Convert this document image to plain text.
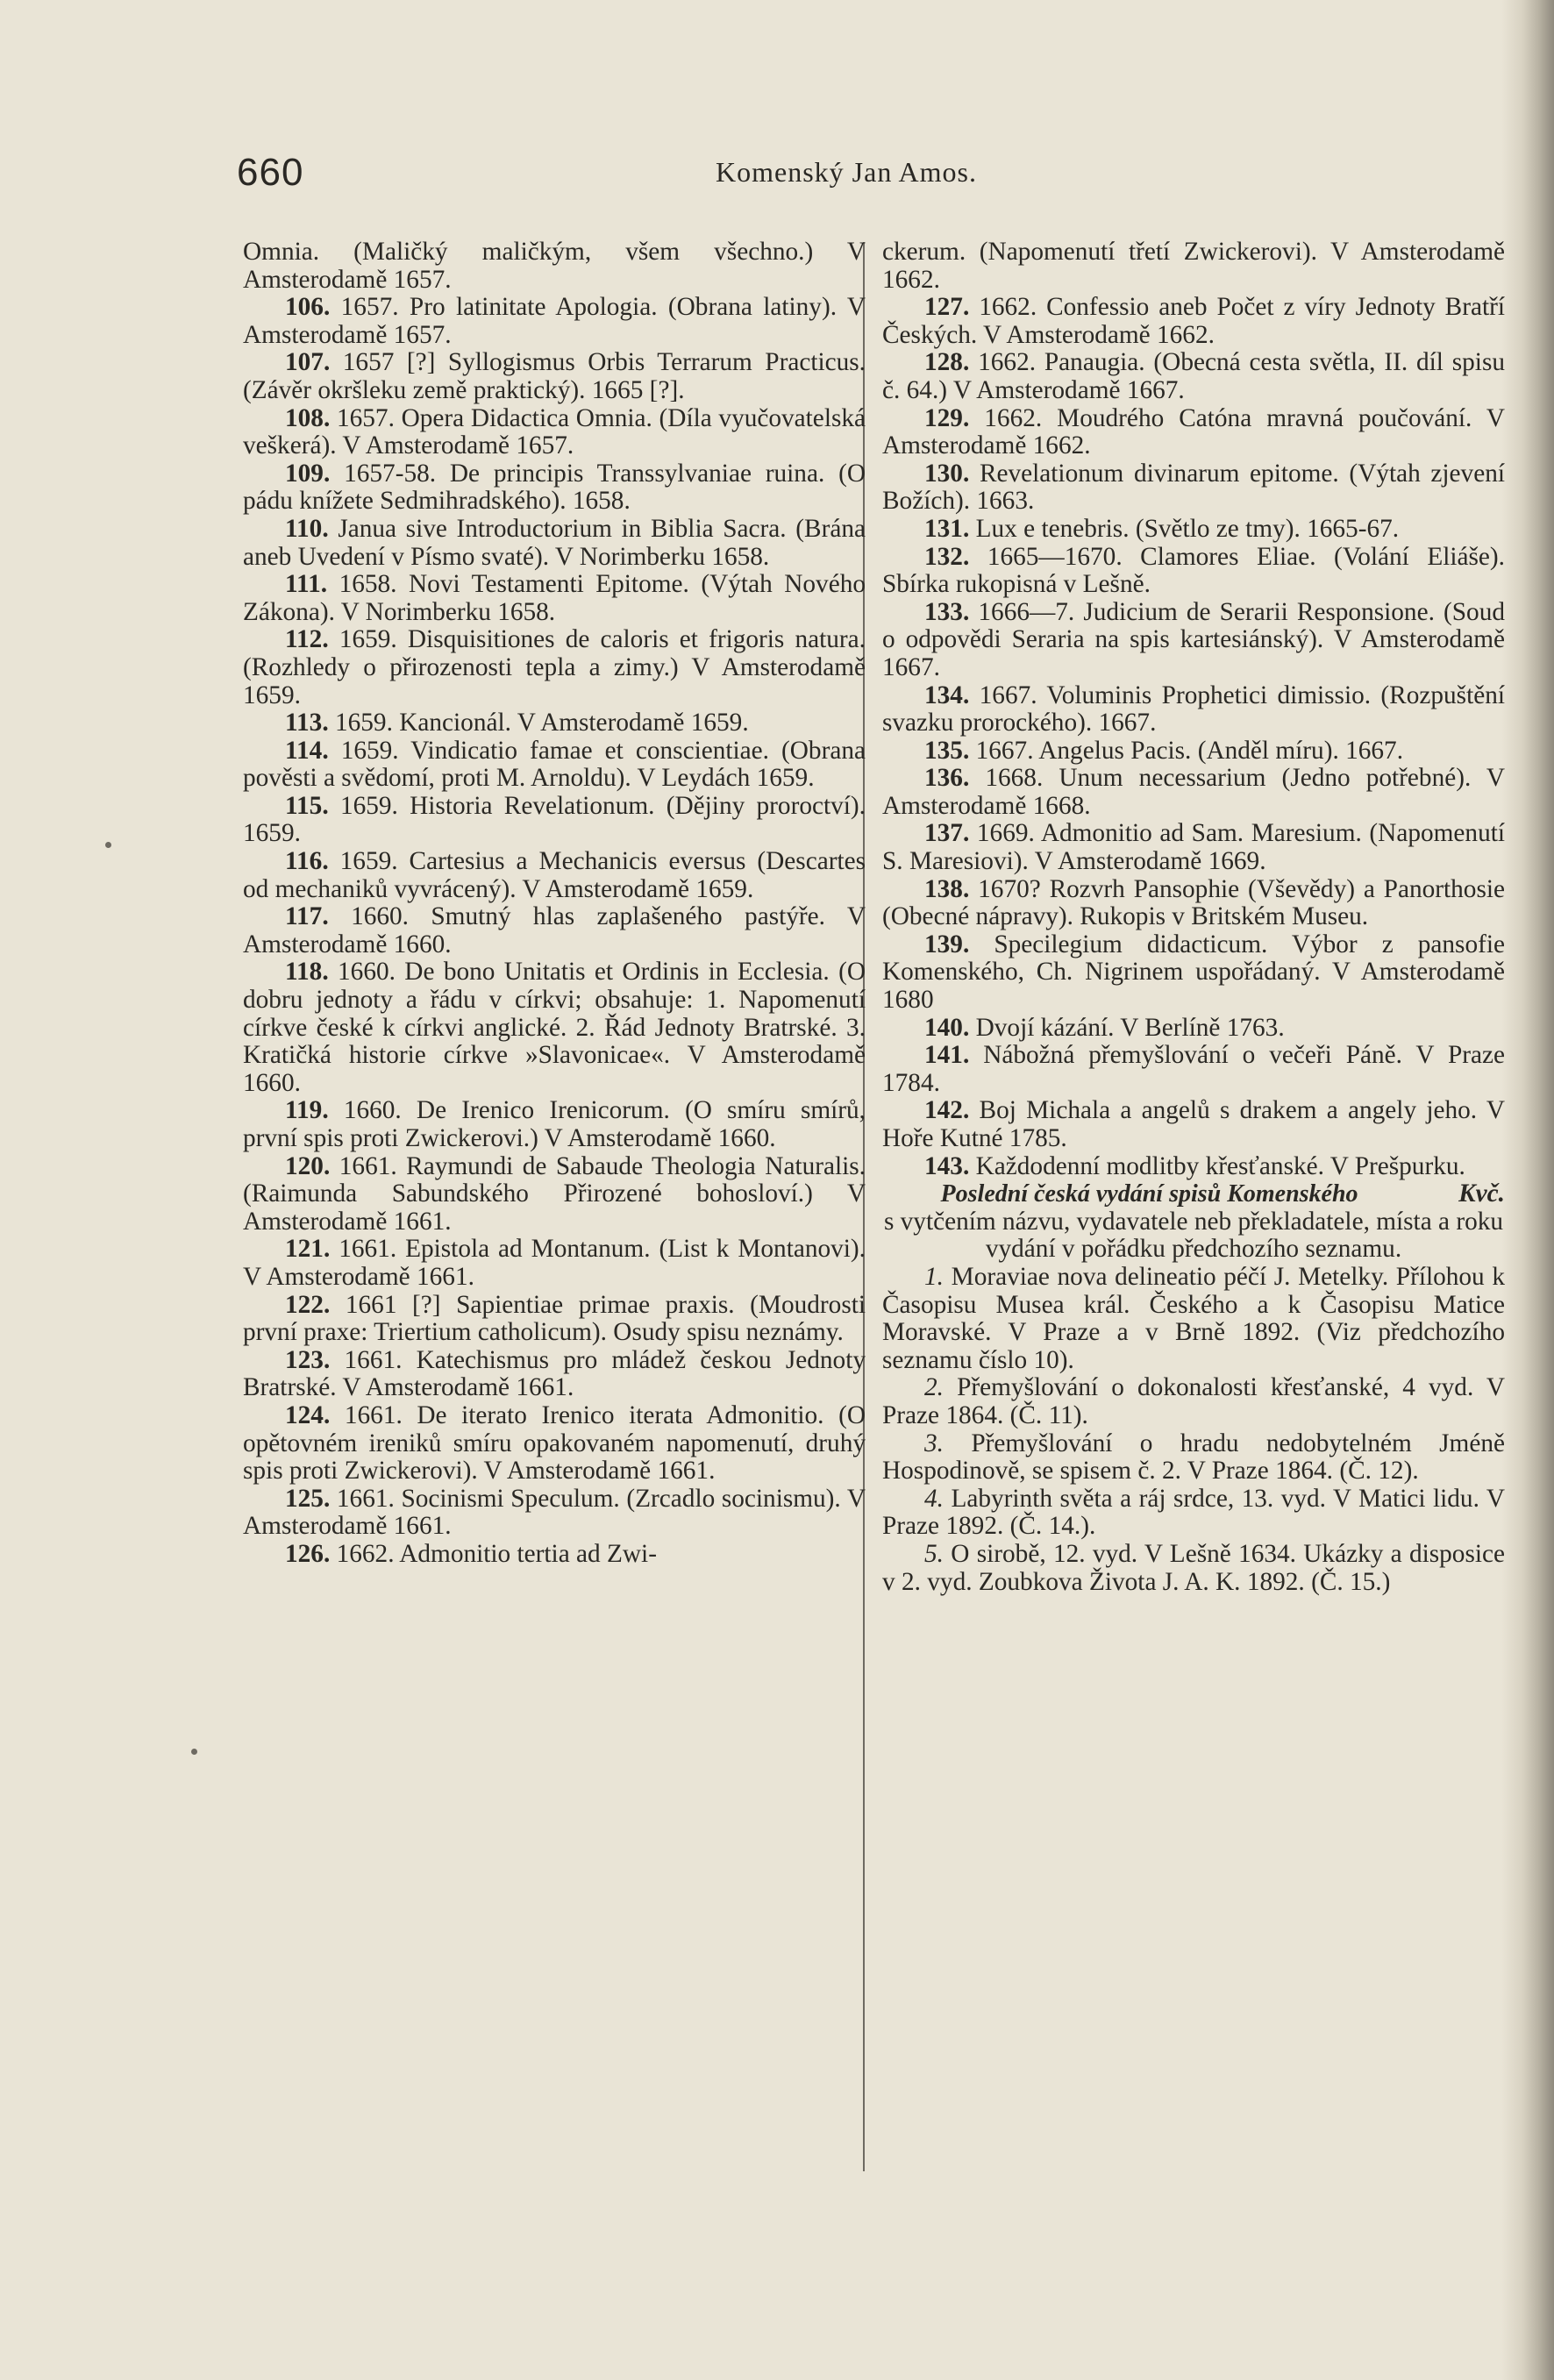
660	Komenský Jan Amos.

Omnia. (Maličký maličkým, všem všechno.) V Amsterodamě 1657.

106. 1657. Pro latinitate Apologia. (Obrana latiny). V Amsterodamě 1657.

107. 1657 [?] Syllogismus Orbis Terrarum Practicus. (Závěr okršleku země praktický). 1665 [?].

108. 1657. Opera Didactica Omnia. (Díla vyučovatelská veškerá). V Amsterodamě 1657.

109. 1657-58. De principis Transsylvaniae ruina. (O pádu knížete Sedmihradského). 1658.

110. Janua sive Introductorium in Biblia Sacra. (Brána aneb Uvedení v Písmo svaté). V Norimberku 1658.

111. 1658. Novi Testamenti Epitome. (Výtah Nového Zákona). V Norimberku 1658.

112. 1659. Disquisitiones de caloris et frigoris natura. (Rozhledy o přirozenosti tepla a zimy.) V Amsterodamě 1659.

113. 1659. Kancionál. V Amsterodamě 1659.

114. 1659. Vindicatio famae et conscientiae. (Obrana pověsti a svědomí, proti M. Arnoldu). V Leydách 1659.

115. 1659. Historia Revelationum. (Dějiny proroctví). 1659.

116. 1659. Cartesius a Mechanicis eversus (Descartes od mechaniků vyvrácený). V Amsterodamě 1659.

117. 1660. Smutný hlas zaplašeného pastýře. V Amsterodamě 1660.

118. 1660. De bono Unitatis et Ordinis in Ecclesia. (O dobru jednoty a řádu v církvi; obsahuje: 1. Napomenutí církve české k církvi anglické. 2. Řád Jednoty Bratrské. 3. Kratičká historie církve »Slavonicae«. V Amsterodamě 1660.

119. 1660. De Irenico Irenicorum. (O smíru smírů, první spis proti Zwickerovi.) V Amsterodamě 1660.

120. 1661. Raymundi de Sabaude Theologia Naturalis. (Raimunda Sabundského Přirozené bohosloví.) V Amsterodamě 1661.

121. 1661. Epistola ad Montanum. (List k Montanovi). V Amsterodamě 1661.

122. 1661 [?] Sapientiae primae praxis. (Moudrosti první praxe: Triertium catholicum). Osudy spisu neznámy.

123. 1661. Katechismus pro mládež českou Jednoty Bratrské. V Amsterodamě 1661.

124. 1661. De iterato Irenico iterata Admonitio. (O opětovném ireniků smíru opakovaném napomenutí, druhý spis proti Zwickerovi). V Amsterodamě 1661.

125. 1661. Socinismi Speculum. (Zrcadlo socinismu). V Amsterodamě 1661.

126. 1662. Admonitio tertia ad Zwi-

ckerum. (Napomenutí třetí Zwickerovi). V Amsterodamě 1662.

127. 1662. Confessio aneb Počet z víry Jednoty Bratří Českých. V Amsterodamě 1662.

128. 1662. Panaugia. (Obecná cesta světla, II. díl spisu č. 64.) V Amsterodamě 1667.

129. 1662. Moudrého Catóna mravná poučování. V Amsterodamě 1662.

130. Revelationum divinarum epitome. (Výtah zjevení Božích). 1663.

131. Lux e tenebris. (Světlo ze tmy). 1665-67.

132. 1665—1670. Clamores Eliae. (Volání Eliáše). Sbírka rukopisná v Lešně.

133. 1666—7. Judicium de Serarii Responsione. (Soud o odpovědi Seraria na spis kartesiánský). V Amsterodamě 1667.

134. 1667. Voluminis Prophetici dimissio. (Rozpuštění svazku prorockého). 1667.

135. 1667. Angelus Pacis. (Anděl míru). 1667.

136. 1668. Unum necessarium (Jedno potřebné). V Amsterodamě 1668.

137. 1669. Admonitio ad Sam. Maresium. (Napomenutí S. Maresiovi). V Amsterodamě 1669.

138. 1670? Rozvrh Pansophie (Vševědy) a Panorthosie (Obecné nápravy). Rukopis v Britském Museu.

139. Specilegium didacticum. Výbor z pansofie Komenského, Ch. Nigrinem uspořádaný. V Amsterodamě 1680

140. Dvojí kázání. V Berlíně 1763.

141. Nábožná přemyšlování o večeři Páně. V Praze 1784.

142. Boj Michala a angelů s drakem a angely jeho. V Hoře Kutné 1785.

143. Každodenní modlitby křesťanské. V Prešpurku.
Kvč.

Poslední česká vydání spisů Komenského

s vytčením názvu, vydavatele neb překladatele, místa a roku vydání v pořádku předchozího seznamu.

1. Moraviae nova delineatio péčí J. Metelky. Přílohou k Časopisu Musea král. Českého a k Časopisu Matice Moravské. V Praze a v Brně 1892. (Viz předchozího seznamu číslo 10).

2. Přemyšlování o dokonalosti křesťanské, 4 vyd. V Praze 1864. (Č. 11).

3. Přemyšlování o hradu nedobytelném Jméně Hospodinově, se spisem č. 2. V Praze 1864. (Č. 12).

4. Labyrinth světa a ráj srdce, 13. vyd. V Matici lidu. V Praze 1892. (Č. 14.).

5. O sirobě, 12. vyd. V Lešně 1634. Ukázky a disposice v 2. vyd. Zoubkova Života J. A. K. 1892. (Č. 15.)
